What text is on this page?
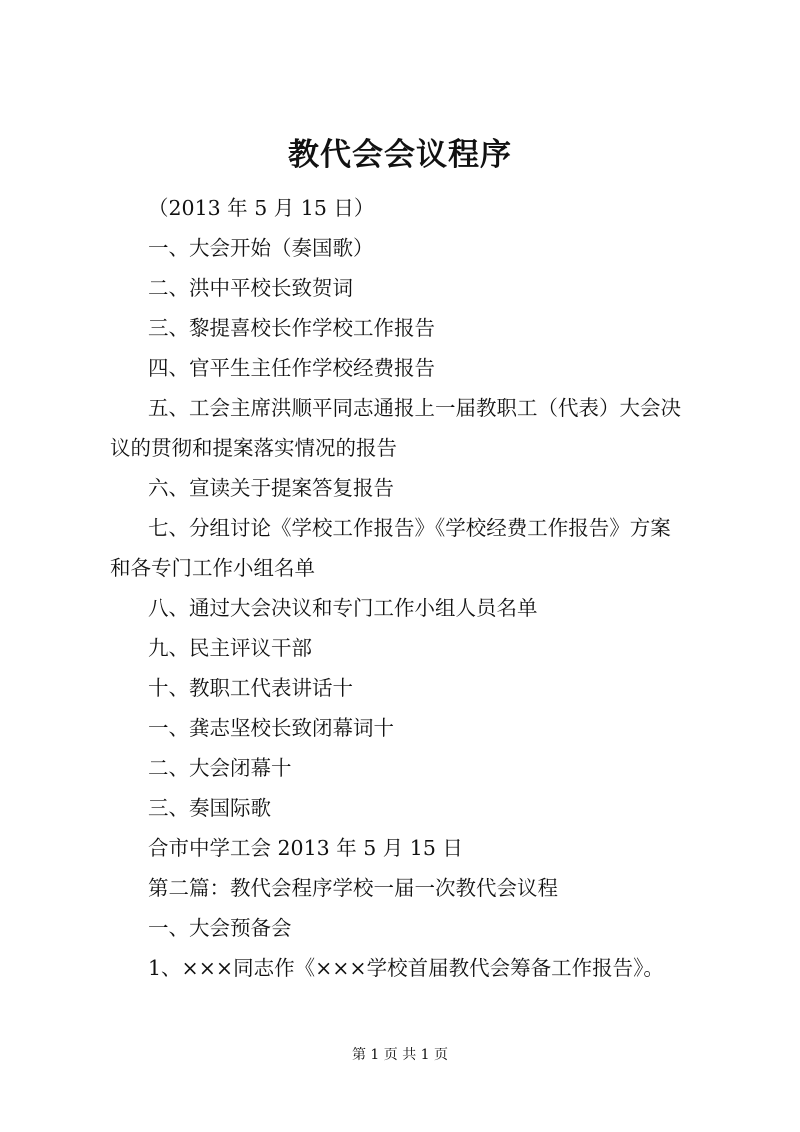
教代会会议程序
（2013 年 5 月 15 日）
一、大会开始（奏国歌）
二、洪中平校长致贺词
三、黎提喜校长作学校工作报告
四、官平生主任作学校经费报告
五、工会主席洪顺平同志通报上一届教职工（代表）大会决
议的贯彻和提案落实情况的报告
六、宣读关于提案答复报告
七、分组讨论《学校工作报告》《学校经费工作报告》方案
和各专门工作小组名单
八、通过大会决议和专门工作小组人员名单
九、民主评议干部
十、教职工代表讲话十
一、龚志坚校长致闭幕词十
二、大会闭幕十
三、奏国际歌
合市中学工会 2013 年 5 月 15 日
第二篇：教代会程序学校一届一次教代会议程
一、大会预备会
1、×××同志作《×××学校首届教代会筹备工作报告》。
第 1 页 共 1 页
